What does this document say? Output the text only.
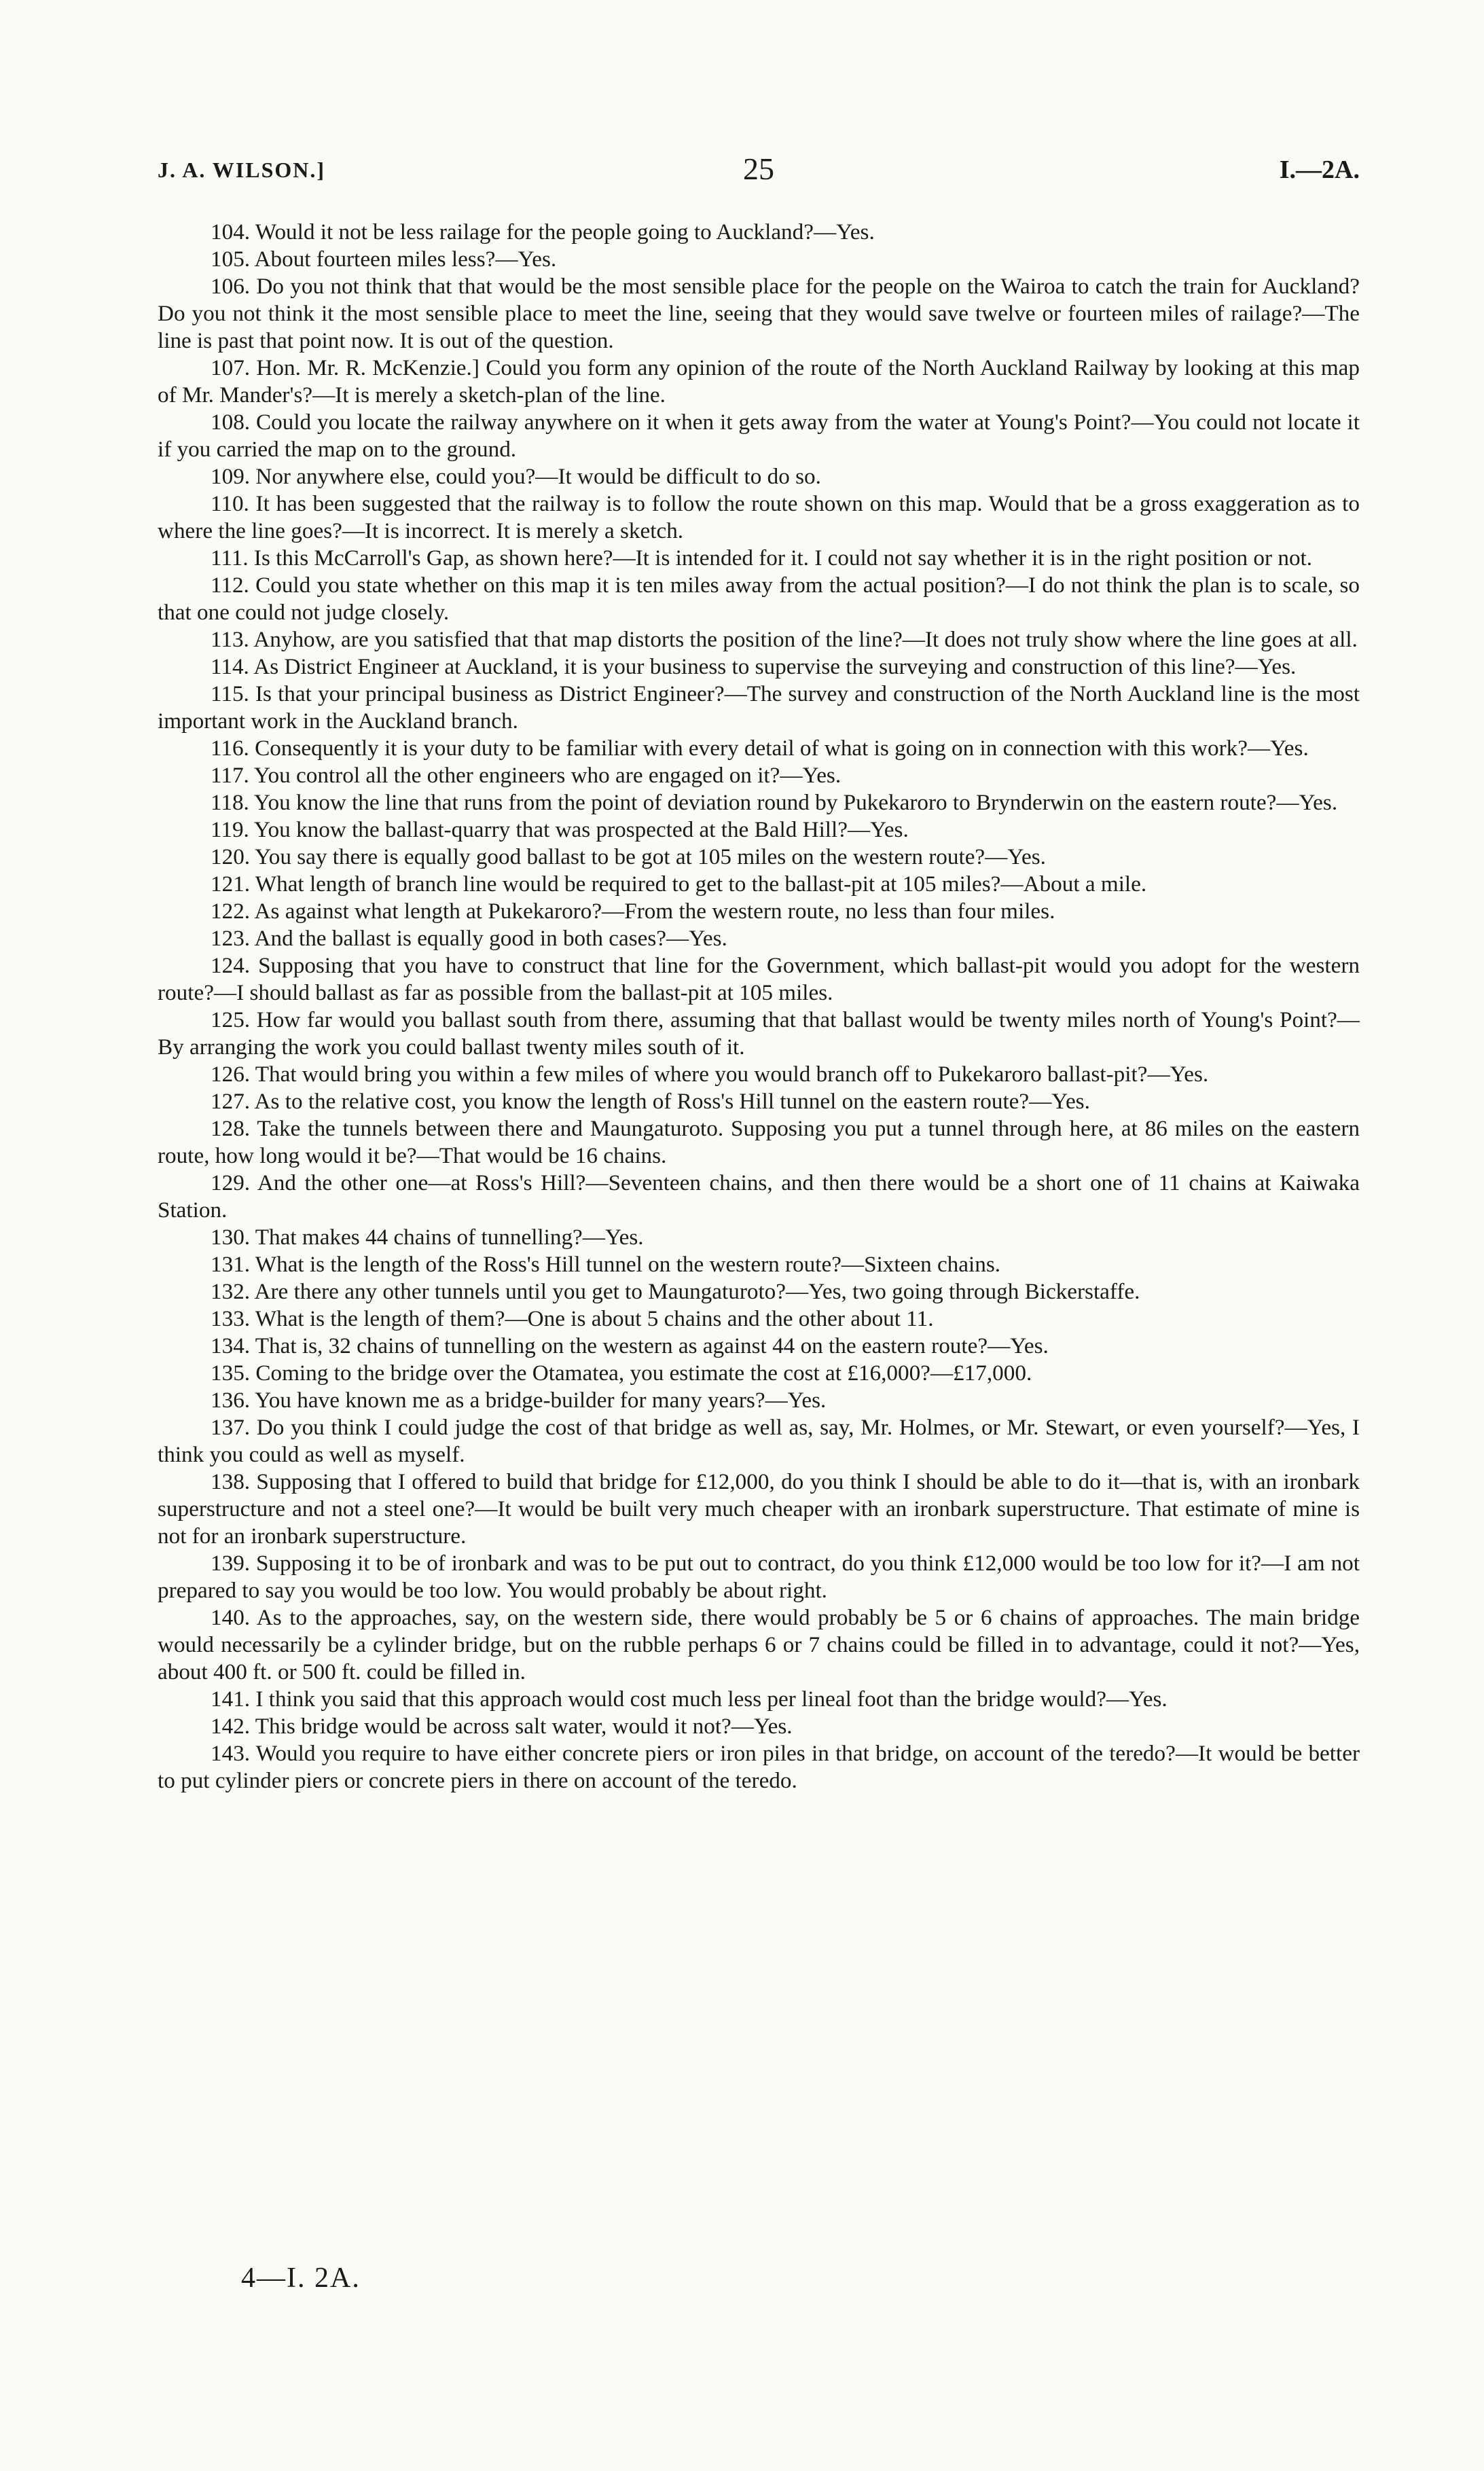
J. A. WILSON.]	25	I.—2A.

104. Would it not be less railage for the people going to Auckland?—Yes.

105. About fourteen miles less?—Yes.

106. Do you not think that that would be the most sensible place for the people on the Wairoa to catch the train for Auckland? Do you not think it the most sensible place to meet the line, seeing that they would save twelve or fourteen miles of railage?—The line is past that point now. It is out of the question.

107. Hon. Mr. R. McKenzie.] Could you form any opinion of the route of the North Auckland Railway by looking at this map of Mr. Mander's?—It is merely a sketch-plan of the line.

108. Could you locate the railway anywhere on it when it gets away from the water at Young's Point?—You could not locate it if you carried the map on to the ground.

109. Nor anywhere else, could you?—It would be difficult to do so.

110. It has been suggested that the railway is to follow the route shown on this map. Would that be a gross exaggeration as to where the line goes?—It is incorrect. It is merely a sketch.

111. Is this McCarroll's Gap, as shown here?—It is intended for it. I could not say whether it is in the right position or not.

112. Could you state whether on this map it is ten miles away from the actual position?—I do not think the plan is to scale, so that one could not judge closely.

113. Anyhow, are you satisfied that that map distorts the position of the line?—It does not truly show where the line goes at all.

114. As District Engineer at Auckland, it is your business to supervise the surveying and construction of this line?—Yes.

115. Is that your principal business as District Engineer?—The survey and construction of the North Auckland line is the most important work in the Auckland branch.

116. Consequently it is your duty to be familiar with every detail of what is going on in connection with this work?—Yes.

117. You control all the other engineers who are engaged on it?—Yes.

118. You know the line that runs from the point of deviation round by Pukekaroro to Brynderwin on the eastern route?—Yes.

119. You know the ballast-quarry that was prospected at the Bald Hill?—Yes.

120. You say there is equally good ballast to be got at 105 miles on the western route?—Yes.

121. What length of branch line would be required to get to the ballast-pit at 105 miles?—About a mile.

122. As against what length at Pukekaroro?—From the western route, no less than four miles.

123. And the ballast is equally good in both cases?—Yes.

124. Supposing that you have to construct that line for the Government, which ballast-pit would you adopt for the western route?—I should ballast as far as possible from the ballast-pit at 105 miles.

125. How far would you ballast south from there, assuming that that ballast would be twenty miles north of Young's Point?—By arranging the work you could ballast twenty miles south of it.

126. That would bring you within a few miles of where you would branch off to Pukekaroro ballast-pit?—Yes.

127. As to the relative cost, you know the length of Ross's Hill tunnel on the eastern route?—Yes.

128. Take the tunnels between there and Maungaturoto. Supposing you put a tunnel through here, at 86 miles on the eastern route, how long would it be?—That would be 16 chains.

129. And the other one—at Ross's Hill?—Seventeen chains, and then there would be a short one of 11 chains at Kaiwaka Station.

130. That makes 44 chains of tunnelling?—Yes.

131. What is the length of the Ross's Hill tunnel on the western route?—Sixteen chains.

132. Are there any other tunnels until you get to Maungaturoto?—Yes, two going through Bickerstaffe.

133. What is the length of them?—One is about 5 chains and the other about 11.

134. That is, 32 chains of tunnelling on the western as against 44 on the eastern route?—Yes.

135. Coming to the bridge over the Otamatea, you estimate the cost at £16,000?—£17,000.

136. You have known me as a bridge-builder for many years?—Yes.

137. Do you think I could judge the cost of that bridge as well as, say, Mr. Holmes, or Mr. Stewart, or even yourself?—Yes, I think you could as well as myself.

138. Supposing that I offered to build that bridge for £12,000, do you think I should be able to do it—that is, with an ironbark superstructure and not a steel one?—It would be built very much cheaper with an ironbark superstructure. That estimate of mine is not for an ironbark superstructure.

139. Supposing it to be of ironbark and was to be put out to contract, do you think £12,000 would be too low for it?—I am not prepared to say you would be too low. You would probably be about right.

140. As to the approaches, say, on the western side, there would probably be 5 or 6 chains of approaches. The main bridge would necessarily be a cylinder bridge, but on the rubble perhaps 6 or 7 chains could be filled in to advantage, could it not?—Yes, about 400 ft. or 500 ft. could be filled in.

141. I think you said that this approach would cost much less per lineal foot than the bridge would?—Yes.

142. This bridge would be across salt water, would it not?—Yes.

143. Would you require to have either concrete piers or iron piles in that bridge, on account of the teredo?—It would be better to put cylinder piers or concrete piers in there on account of the teredo.

4—I. 2A.
